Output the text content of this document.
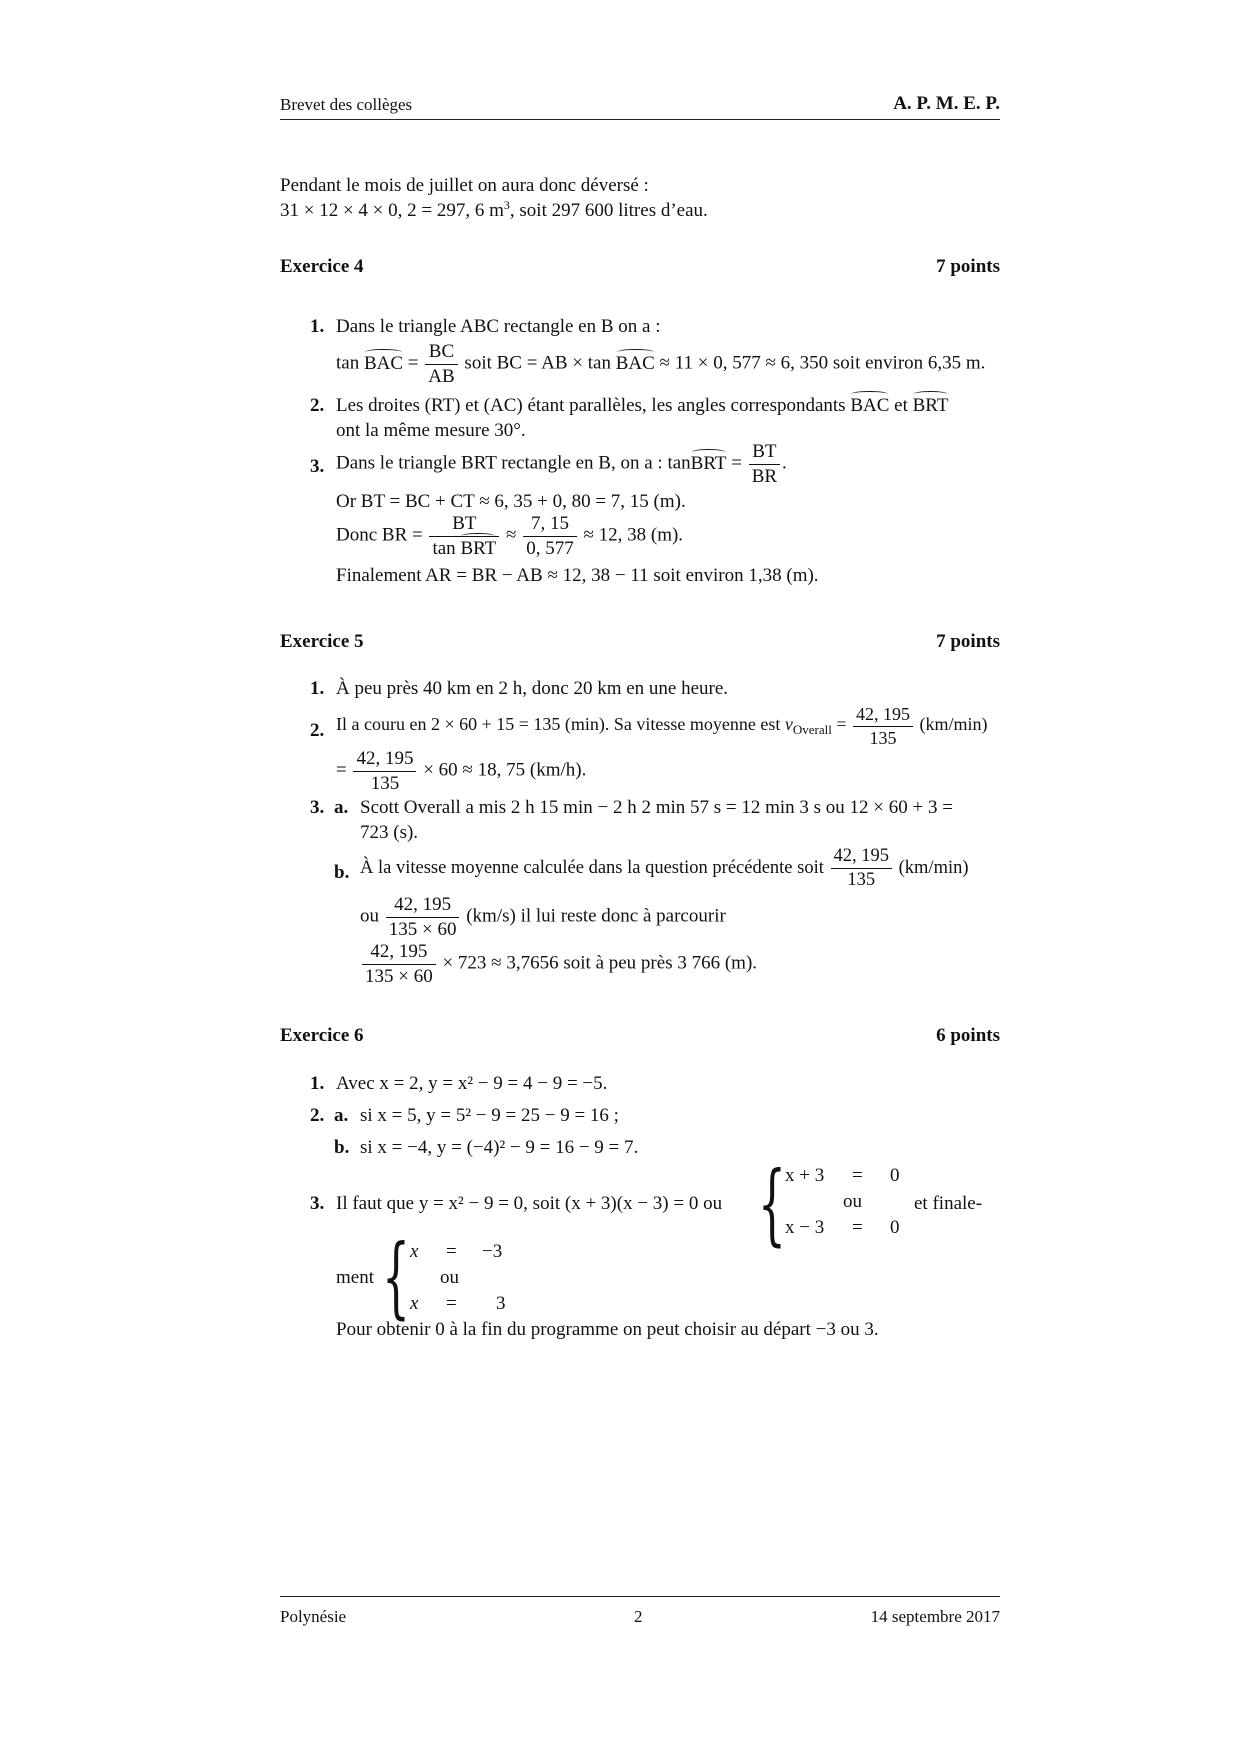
Brevet des collèges	A. P. M. E. P.
Pendant le mois de juillet on aura donc déversé :
31 × 12 × 4 × 0, 2 = 297, 6 $m^3$, soit 297 600 litres d’eau.
Exercice 4	7 points
1. Dans le triangle ABC rectangle en B on a :
tan BAC = $\frac{BC}{AB}$ soit BC = AB × tan BAC ≈ 11 × 0, 577 ≈ 6, 350 soit environ 6,35 m.
2. Les droites (RT) et (AC) étant parallèles, les angles correspondants BAC et BRT
ont la même mesure 30°.
3. Dans le triangle BRT rectangle en B, on a : tanBRT = $\frac{BT}{BR}$ .
Or BT = BC + CT ≈ 6, 35 + 0, 80 = 7, 15 (m).
Donc BR = $\frac{BT}{\text{tan BRT}} \approx \frac{7, 15}{0, 577} \approx 12$, 38 (m).
Finalement AR = BR − AB ≈ 12, 38 − 11 soit environ 1,38 (m).
Exercice 5	7 points
1. À peu près 40 km en 2 h, donc 20 km en une heure.
2. Il a couru en 2 × 60 + 15 = 135 (min). Sa vitesse moyenne est $v_{Overall} = \frac{42, 195}{135} (km/\min)$
= $\frac{42, 195}{135} \times 60 \approx 18$, 75 (km/h).
3. a. Scott Overall a mis 2 h 15 min − 2 h 2 min 57 s = 12 min 3 s ou 12 × 60 + 3 =
723 (s).
b. À la vitesse moyenne calculée dans la question précédente soit $\frac{42, 195}{135} (km/\min)$
ou $\frac{42, 195}{135 \times 60} (km/s)$ il lui reste donc à parcourir
$\frac{42, 195}{135 \times 60} \times 723 \approx 3,7656$ soit à peu près 3 766 (m).
Exercice 6	6 points
1. Avec x = 2, y = x² − 9 = 4 − 9 = −5.
2. a. si x = 5, y = 5² − 9 = 25 − 9 = 16 ;
b. si x = −4, y = (−4)² − 9 = 16 − 9 = 7.
3. Il faut que y = x² − 9 = 0, soit (x + 3)(x − 3) = 0 ou { x + 3 = 0
ou
x − 3 = 0
et finale-
ment { x = −3
ou
x = 3
Pour obtenir 0 à la fin du programme on peut choisir au départ −3 ou 3.
Polynésie	2	14 septembre 2017
